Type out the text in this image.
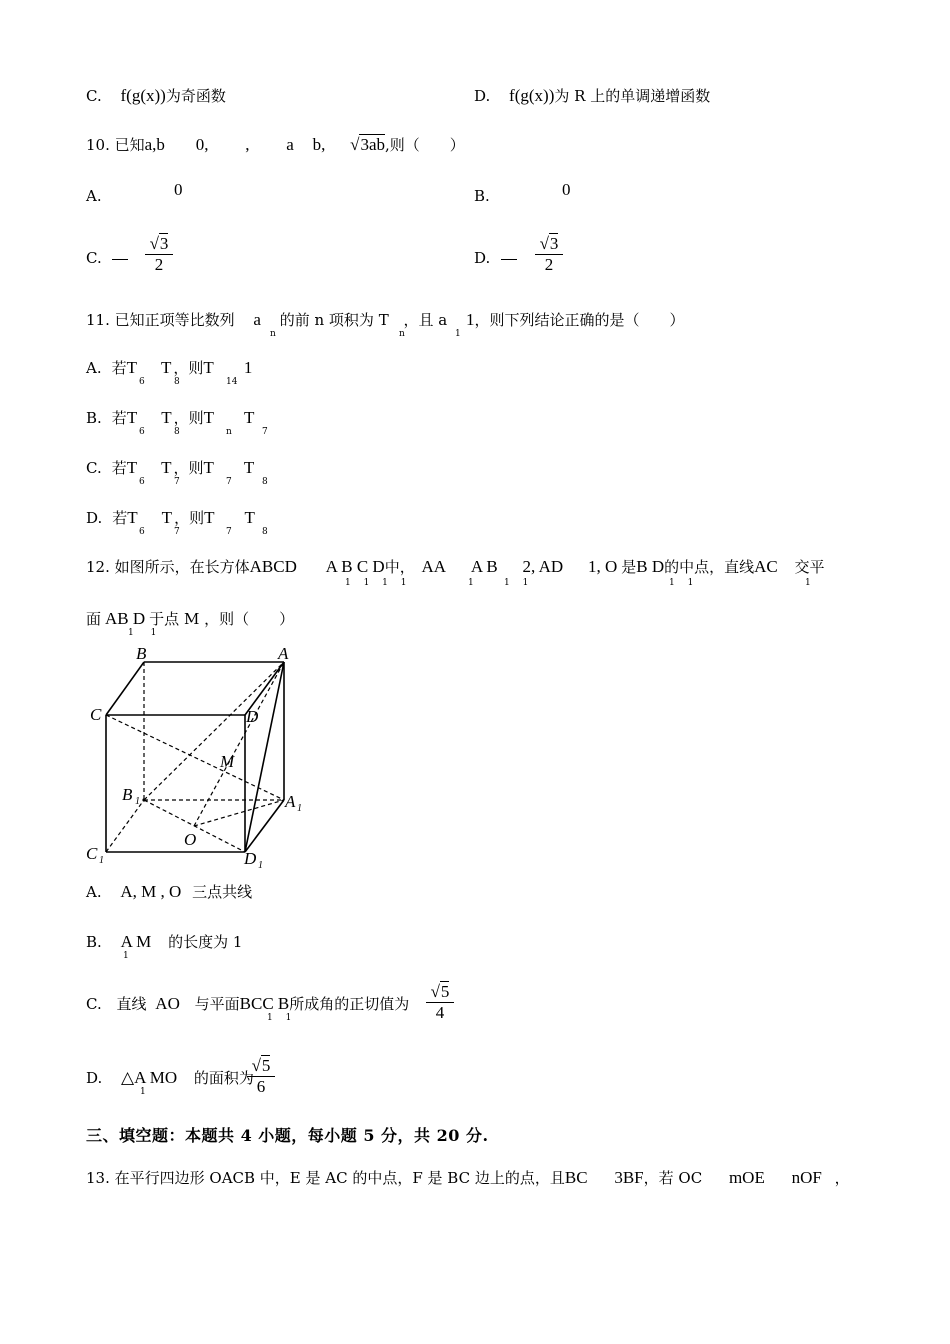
C. f(g(x))为奇函数	D. f(g(x))为 R 上的单调递增函数
10. 已知a,b 0, , a b, √3ab,则（　　）
A.	0	B.	0
C.	$\frac{√3}{2}$	D.	$\frac{√3}{2}$
11. 已知正项等比数列 a 的前 n 项积为 T ，且 a 1，则下列结论正确的是（　　）
n	n	1
A. 若T T ，则T 1
6	8	14
B. 若T T ，则T T
6	8	n	7
C. 若T T ，则T T
6	7	7	8
D. 若T T ，则T T
6	7	7	8
12. 如图所示，在长方体ABCD A B C D中， AA A B 2, AD 1, O 是B D的中点，直线AC 交平
1 1 1 1	1	1 1	1 1	1
面 AB D 于点 M ，则（　　）
1 1
B	A
C	D
M
B	A
O
C	D
1
1
1	1
A. A, M , O 三点共线
B. A M 的长度为 1
1
C. 直线 AO 与平面BCC B所成角的正切值为
1 1	$\frac{√5}{4}$
D. △A MO 的面积为
1	$\frac{√5}{6}$
三、填空题：本题共 4 小题，每小题 5 分，共 20 分.
13. 在平行四边形 OACB 中，E 是 AC 的中点，F 是 BC 边上的点，且BC 3BF，若 OC mOE nOF ，
